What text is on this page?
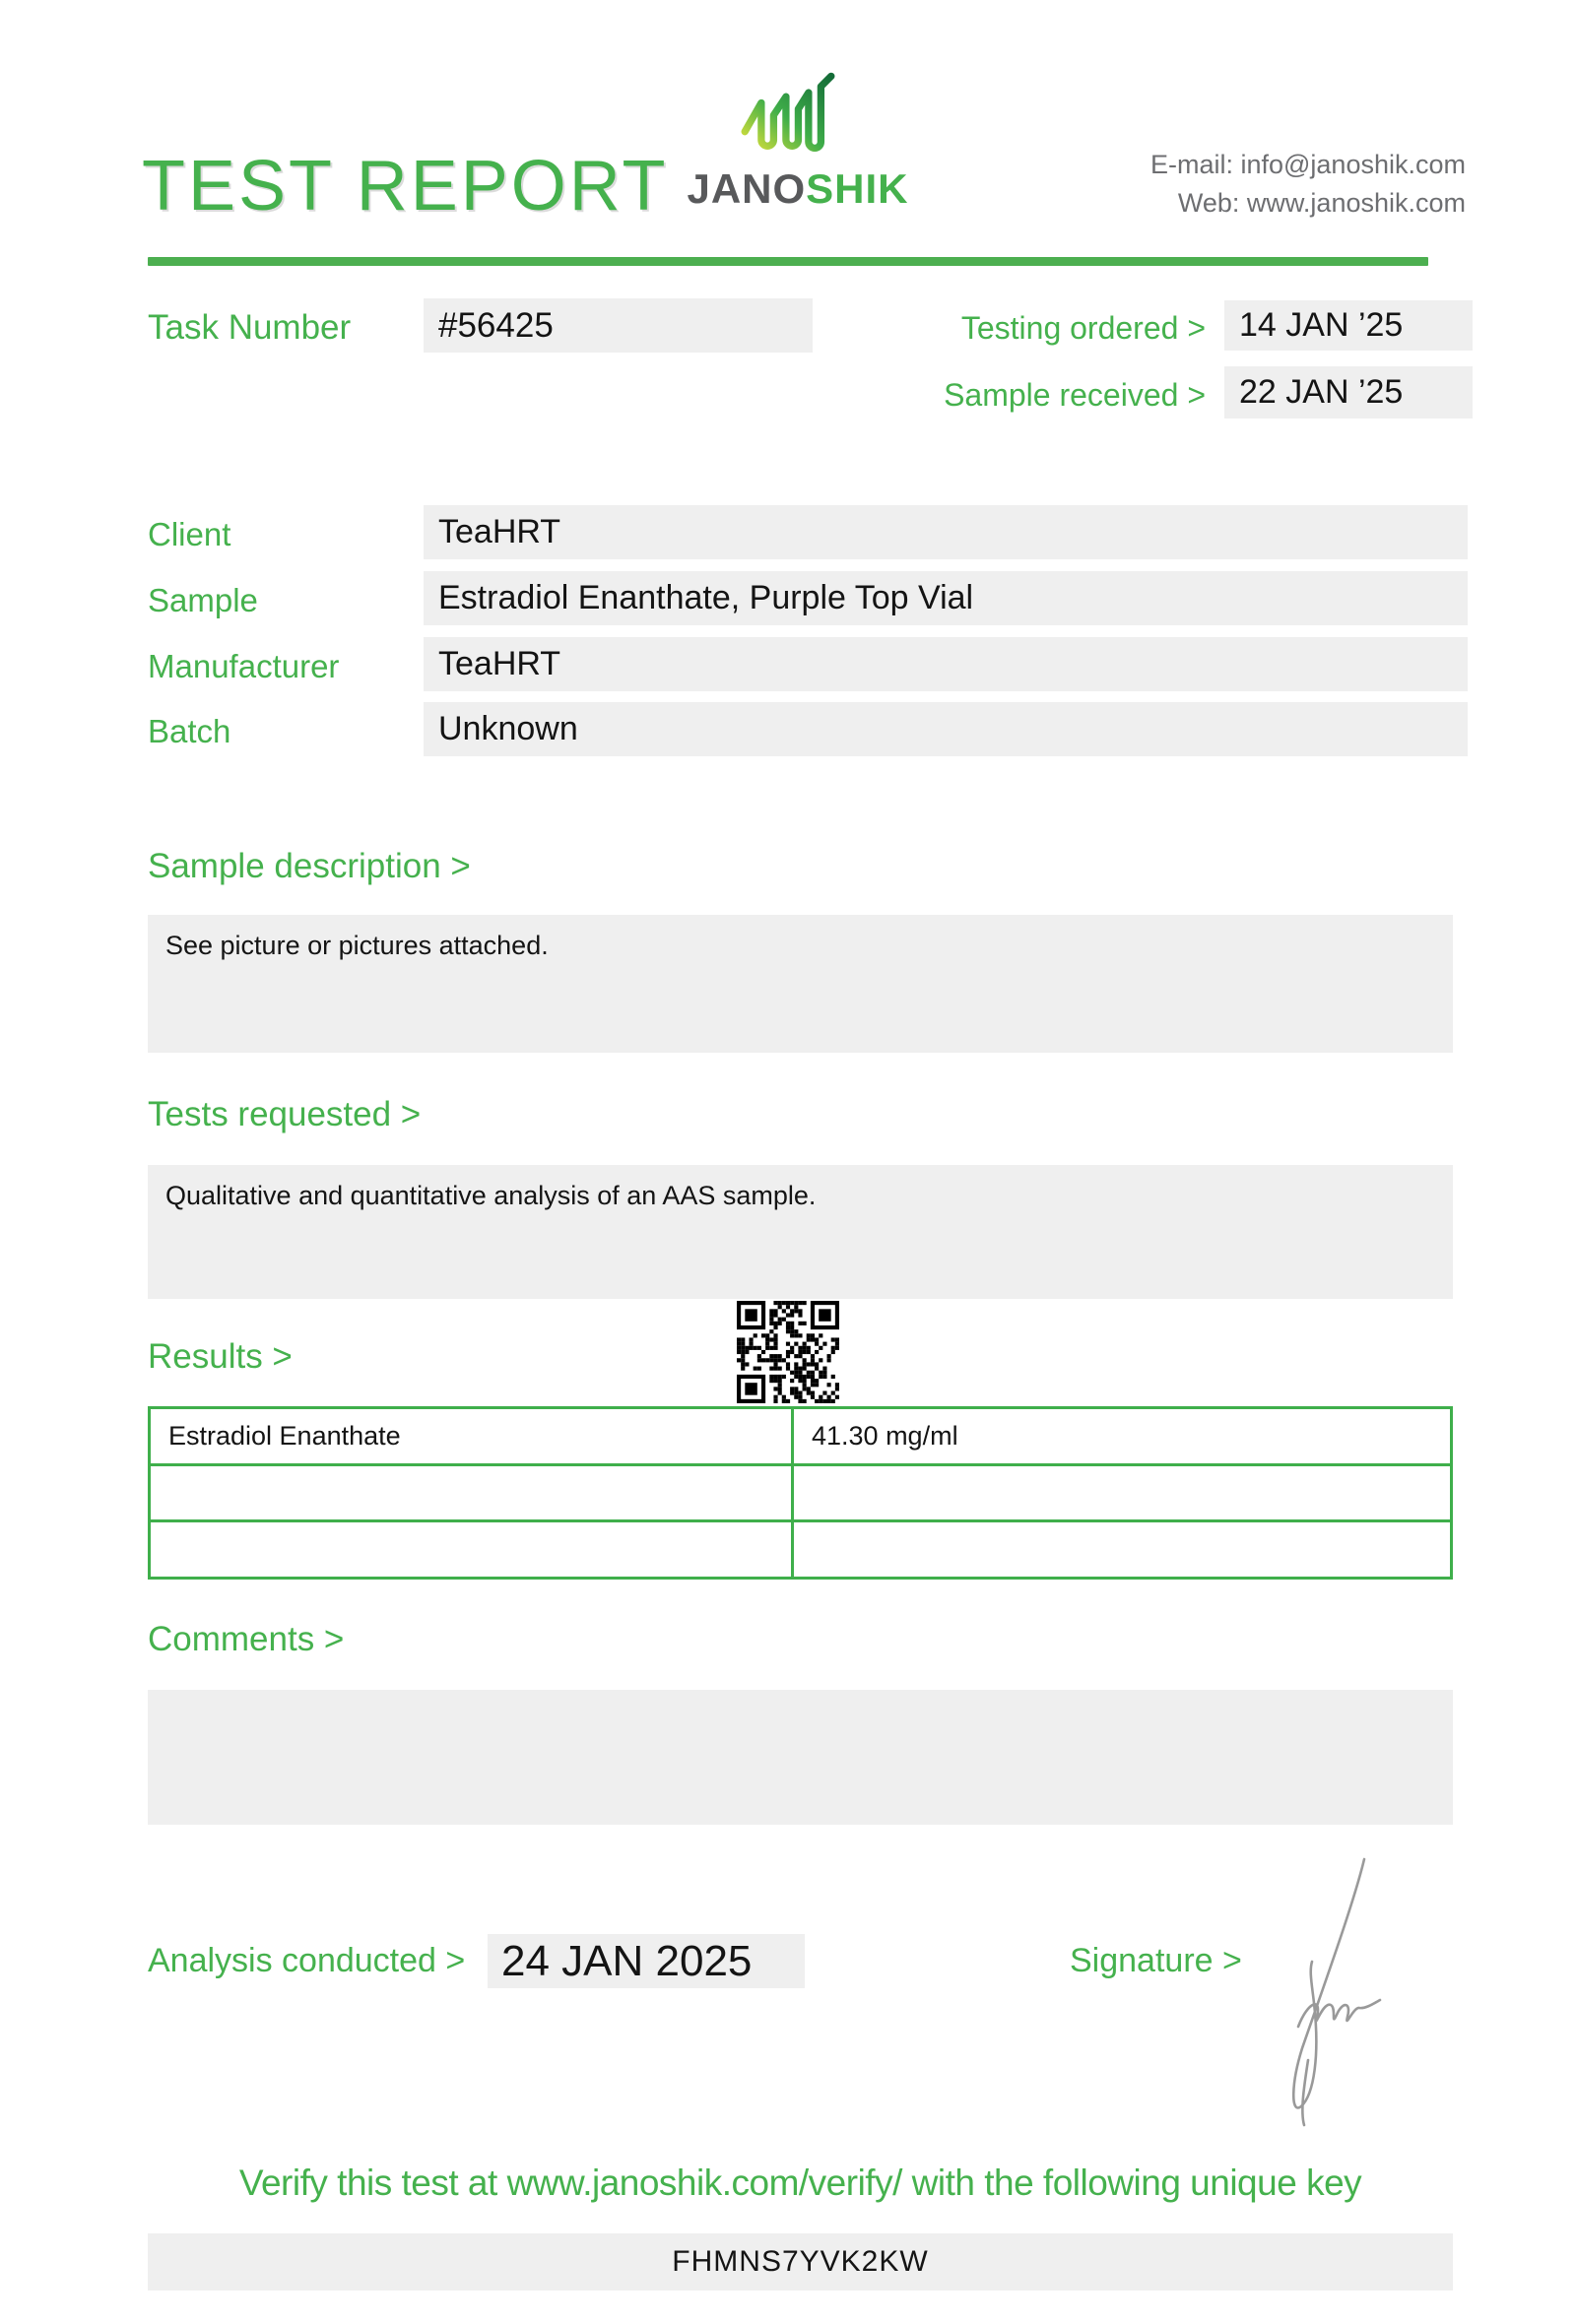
TEST REPORT JANOSHIK
E-mail: info@janoshik.com
Web: www.janoshik.com
Task Number	#56425	Testing ordered >	14 JAN ’25
Sample received >	22 JAN ’25
Client	TeaHRT
Sample	Estradiol Enanthate, Purple Top Vial
Manufacturer	TeaHRT
Batch	Unknown
Sample description >
See picture or pictures attached.
Tests requested >
Qualitative and quantitative analysis of an AAS sample.
Results >
Estradiol Enanthate	41.30 mg/ml
Comments >
Analysis conducted > 24 JAN 2025	Signature >
Verify this test at www.janoshik.com/verify/ with the following unique key
FHMNS7YVK2KW
